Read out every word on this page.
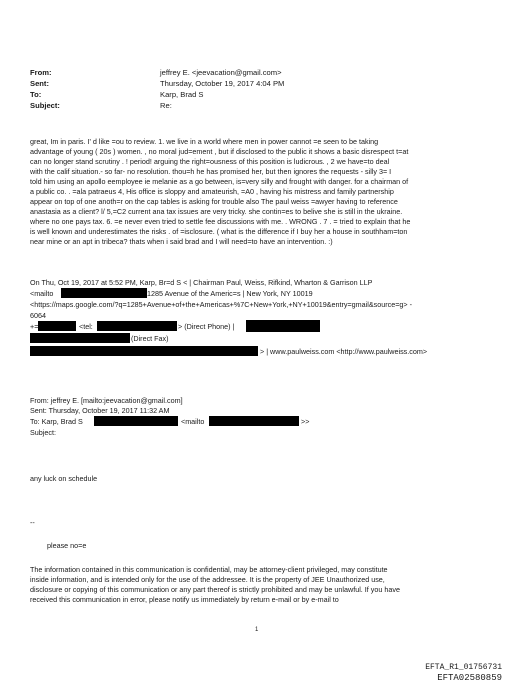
From:	jeffrey E. <jeevacation@gmail.com>
Sent:	Thursday, October 19, 2017 4:04 PM
To:	Karp, Brad S
Subject:	Re:
great, Im in paris. I' d like =ou to review. 1. we live in a world where men in power cannot =e seen to be taking
advantage of young ( 20s ) women. , no moral jud=ement , but if disclosed to the public it shows a basic disrespect t=at
can no longer stand scrutiny . ! period! arguing the right=ousness of this position is ludicrous. , 2 we have=to deal
with the calif situation.- so far- no resolution. thou=h he has promised her, but then ignores the requests - silly 3= I
told him using an apollo eemployee ie melanie as a go between, is=very silly and frought with danger. for a chairman of
a public co. . =ala patraeus 4, His office is sloppy and amateurish, =A0 , having his mistress and family partnership
appear on top of one anoth=r on the cap tables is asking for trouble also The paul weiss =awyer having to reference
anastasia as a client? l/ 5,=C2 current ana tax issues are very tricky. she contin=es to belive she is still in the ukraine.
where no one pays tax. 6. =e never even tried to settle fee discussions with me. . WRONG . 7 . = tried to explain that he
is well known and underestimates the risks . of =isclosure. ( what is the difference if I buy her a house in southham=ton
near mine or an apt in tribeca? thats when i said brad and I will need=to have an intervention. :)
On Thu, Oct 19, 2017 at 5:52 PM, Karp, Br=d S < | Chairman Paul, Weiss, Rifkind, Wharton & Garrison LLP
<mailto	1285 Avenue of the Americ=s | New York, NY 10019
<https://maps.google.com/?q=1285+Avenue+of+the+Americas+%7C+New+York,+NY+10019&entry=gmail&source=g> -
6064
+=	<tel:	> (Direct Phone) |
(Direct Fax)
> | www.paulweiss.com <http://www.paulweiss.com>
From: jeffrey E. [mailto:jeevacation@gmail.com]
Sent: Thursday, October 19, 2017 11:32 AM
To: Karp, Brad S	<mailto	>>
Subject:
any luck on schedule
--
please no=e
The information contained in this communication is confidential, may be attorney-client privileged, may constitute
inside information, and is intended only for the use of the addressee. It is the property of JEE Unauthorized use,
disclosure or copying of this communication or any part thereof is strictly prohibited and may be unlawful. If you have
received this communication in error, please notify us immediately by return e-mail or by e-mail to
1
EFTA_R1_01756731
EFTA02580859
